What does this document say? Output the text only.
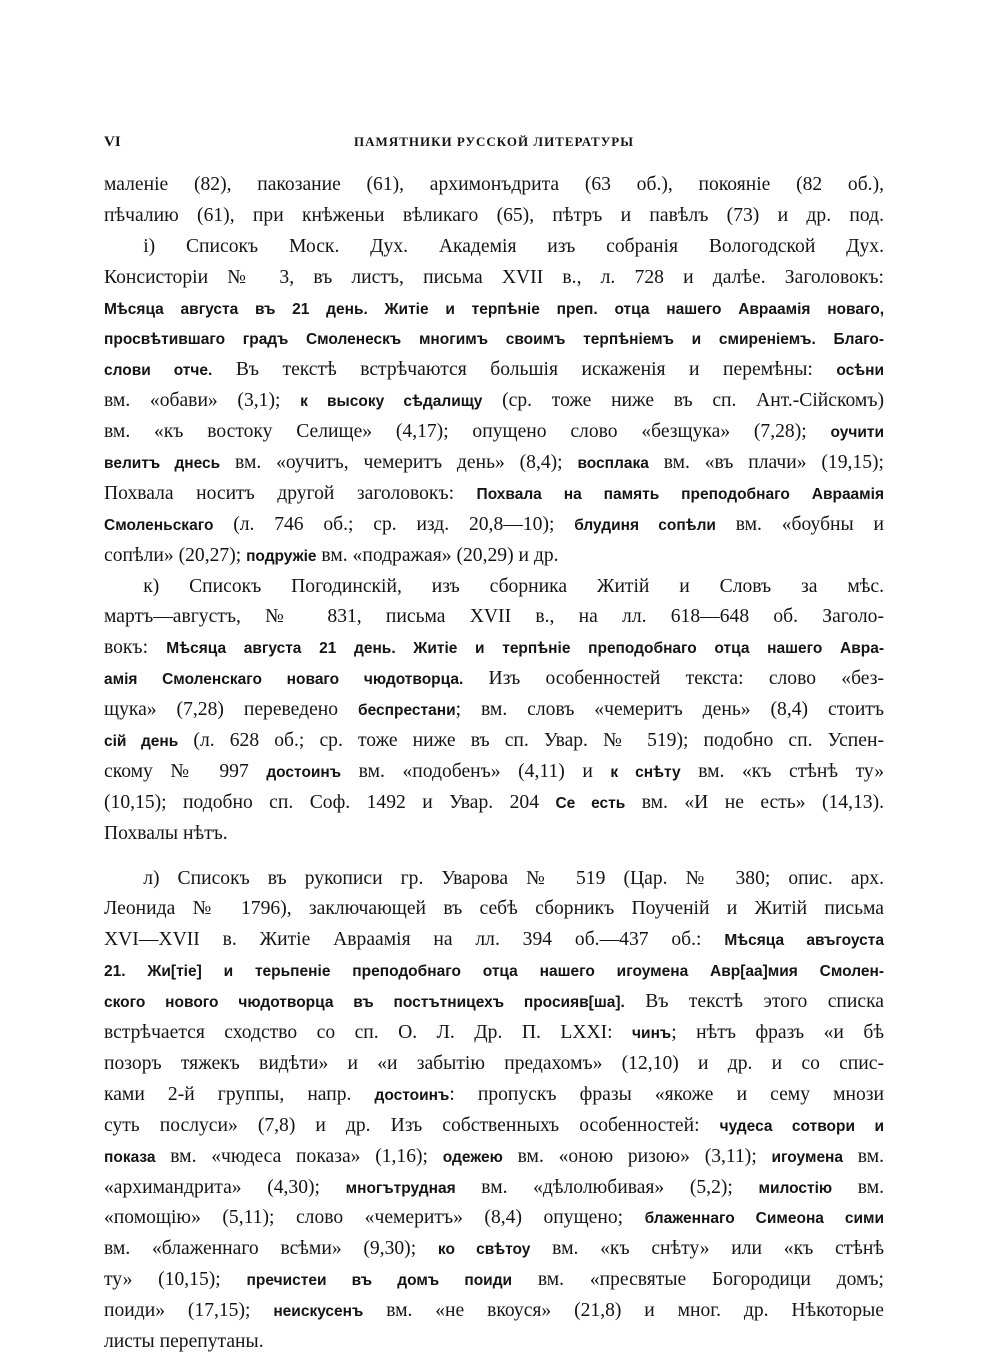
VI	ПАМЯТНИКИ РУССКОЙ ЛИТЕРАТУРЫ
маленіе (82), пакозание (61), архимонъдрита (63 об.), покояніе (82 об.),
пѣчалию (61), при кнѣженьи вѣликаго (65), пѣтръ и павѣлъ (73) и др. под.
  і) Списокъ Моск. Дух. Академія изъ собранія Вологодской Дух.
Консисторіи № 3, въ листъ, письма XVII в., л. 728 и далѣе. Заголовокъ:
Мѣсяца августа въ 21 день. Житіе и терпѣніе преп. отца нашего Авраамія новаго,
просвѣтившаго градъ Смоленескъ многимъ своимъ терпѣніемъ и смиреніемъ. Благо-
слови отче. Въ текстѣ встрѣчаются большія искаженія и перемѣны: осѣни
вм. «обави» (3,1); к высоку сѣдалищу (ср. тоже ниже въ сп. Ант.-Сійскомъ)
вм. «къ востоку Селище» (4,17); опущено слово «безщука» (7,28); оучити
велитъ днесь вм. «оучитъ, чемеритъ день» (8,4); восплака вм. «въ плачи» (19,15);
Похвала носитъ другой заголовокъ: Похвала на память преподобнаго Авраамія
Смоленьскаго (л. 746 об.; ср. изд. 20,8—10); блудиня сопѣли вм. «боубны и
сопѣли» (20,27); подружіе вм. «подражая» (20,29) и др.
  к) Списокъ Погодинскій, изъ сборника Житій и Словъ за мѣс.
мартъ—августъ, № 831, письма XVII в., на лл. 618—648 об. Заголо-
вокъ: Мѣсяца августа 21 день. Житіе и терпѣніе преподобнаго отца нашего Авра-
амія Смоленскаго новаго чюдотворца. Изъ особенностей текста: слово «без-
щука» (7,28) переведено беспрестани; вм. словъ «чемеритъ день» (8,4) стоитъ
сій день (л. 628 об.; ср. тоже ниже въ сп. Увар. № 519); подобно сп. Успен-
скому № 997 достоинъ вм. «подобенъ» (4,11) и к снѣту вм. «къ стѣнѣ ту»
(10,15); подобно сп. Соф. 1492 и Увар. 204 Се есть вм. «И не есть» (14,13).
Похвалы нѣтъ.
  л) Списокъ въ рукописи гр. Уварова № 519 (Цар. № 380; опис. арх.
Леонида № 1796), заключающей въ себѣ сборникъ Поученій и Житій письма
XVI—XVII в. Житіе Авраамія на лл. 394 об.—437 об.: Мѣсяца авъгоуста
21. Жи[тіе] и терьпеніе преподобнаго отца нашего игоумена Авр[аа]мия Смолен-
ского нового чюдотворца въ постътницехъ просияв[ша]. Въ текстѣ этого списка
встрѣчается сходство со сп. О. Л. Др. П. LXXI: чинъ; нѣтъ фразъ «и бѣ
позоръ тяжекъ видѣти» и «и забытію предахомъ» (12,10) и др. и со спис-
ками 2-й группы, напр. достоинъ: пропускъ фразы «якоже и сему мнози
суть послуси» (7,8) и др. Изъ собственныхъ особенностей: чудеса сотвори и
показа вм. «чюдеса показа» (1,16); одежею вм. «оною ризою» (3,11); игоумена вм.
«архимандрита» (4,30); многътрудная вм. «дѣлолюбивая» (5,2); милостію вм.
«помощію» (5,11); слово «чемеритъ» (8,4) опущено; блаженнаго Симеона сими
вм. «блаженнаго всѣми» (9,30); ко свѣтоу вм. «къ снѣту» или «къ стѣнѣ
ту» (10,15); пречистеи въ домъ поиди вм. «пресвятые Богородици домъ;
поиди» (17,15); неискусенъ вм. «не вкоуся» (21,8) и мног. др. Нѣкоторые
листы перепутаны.
